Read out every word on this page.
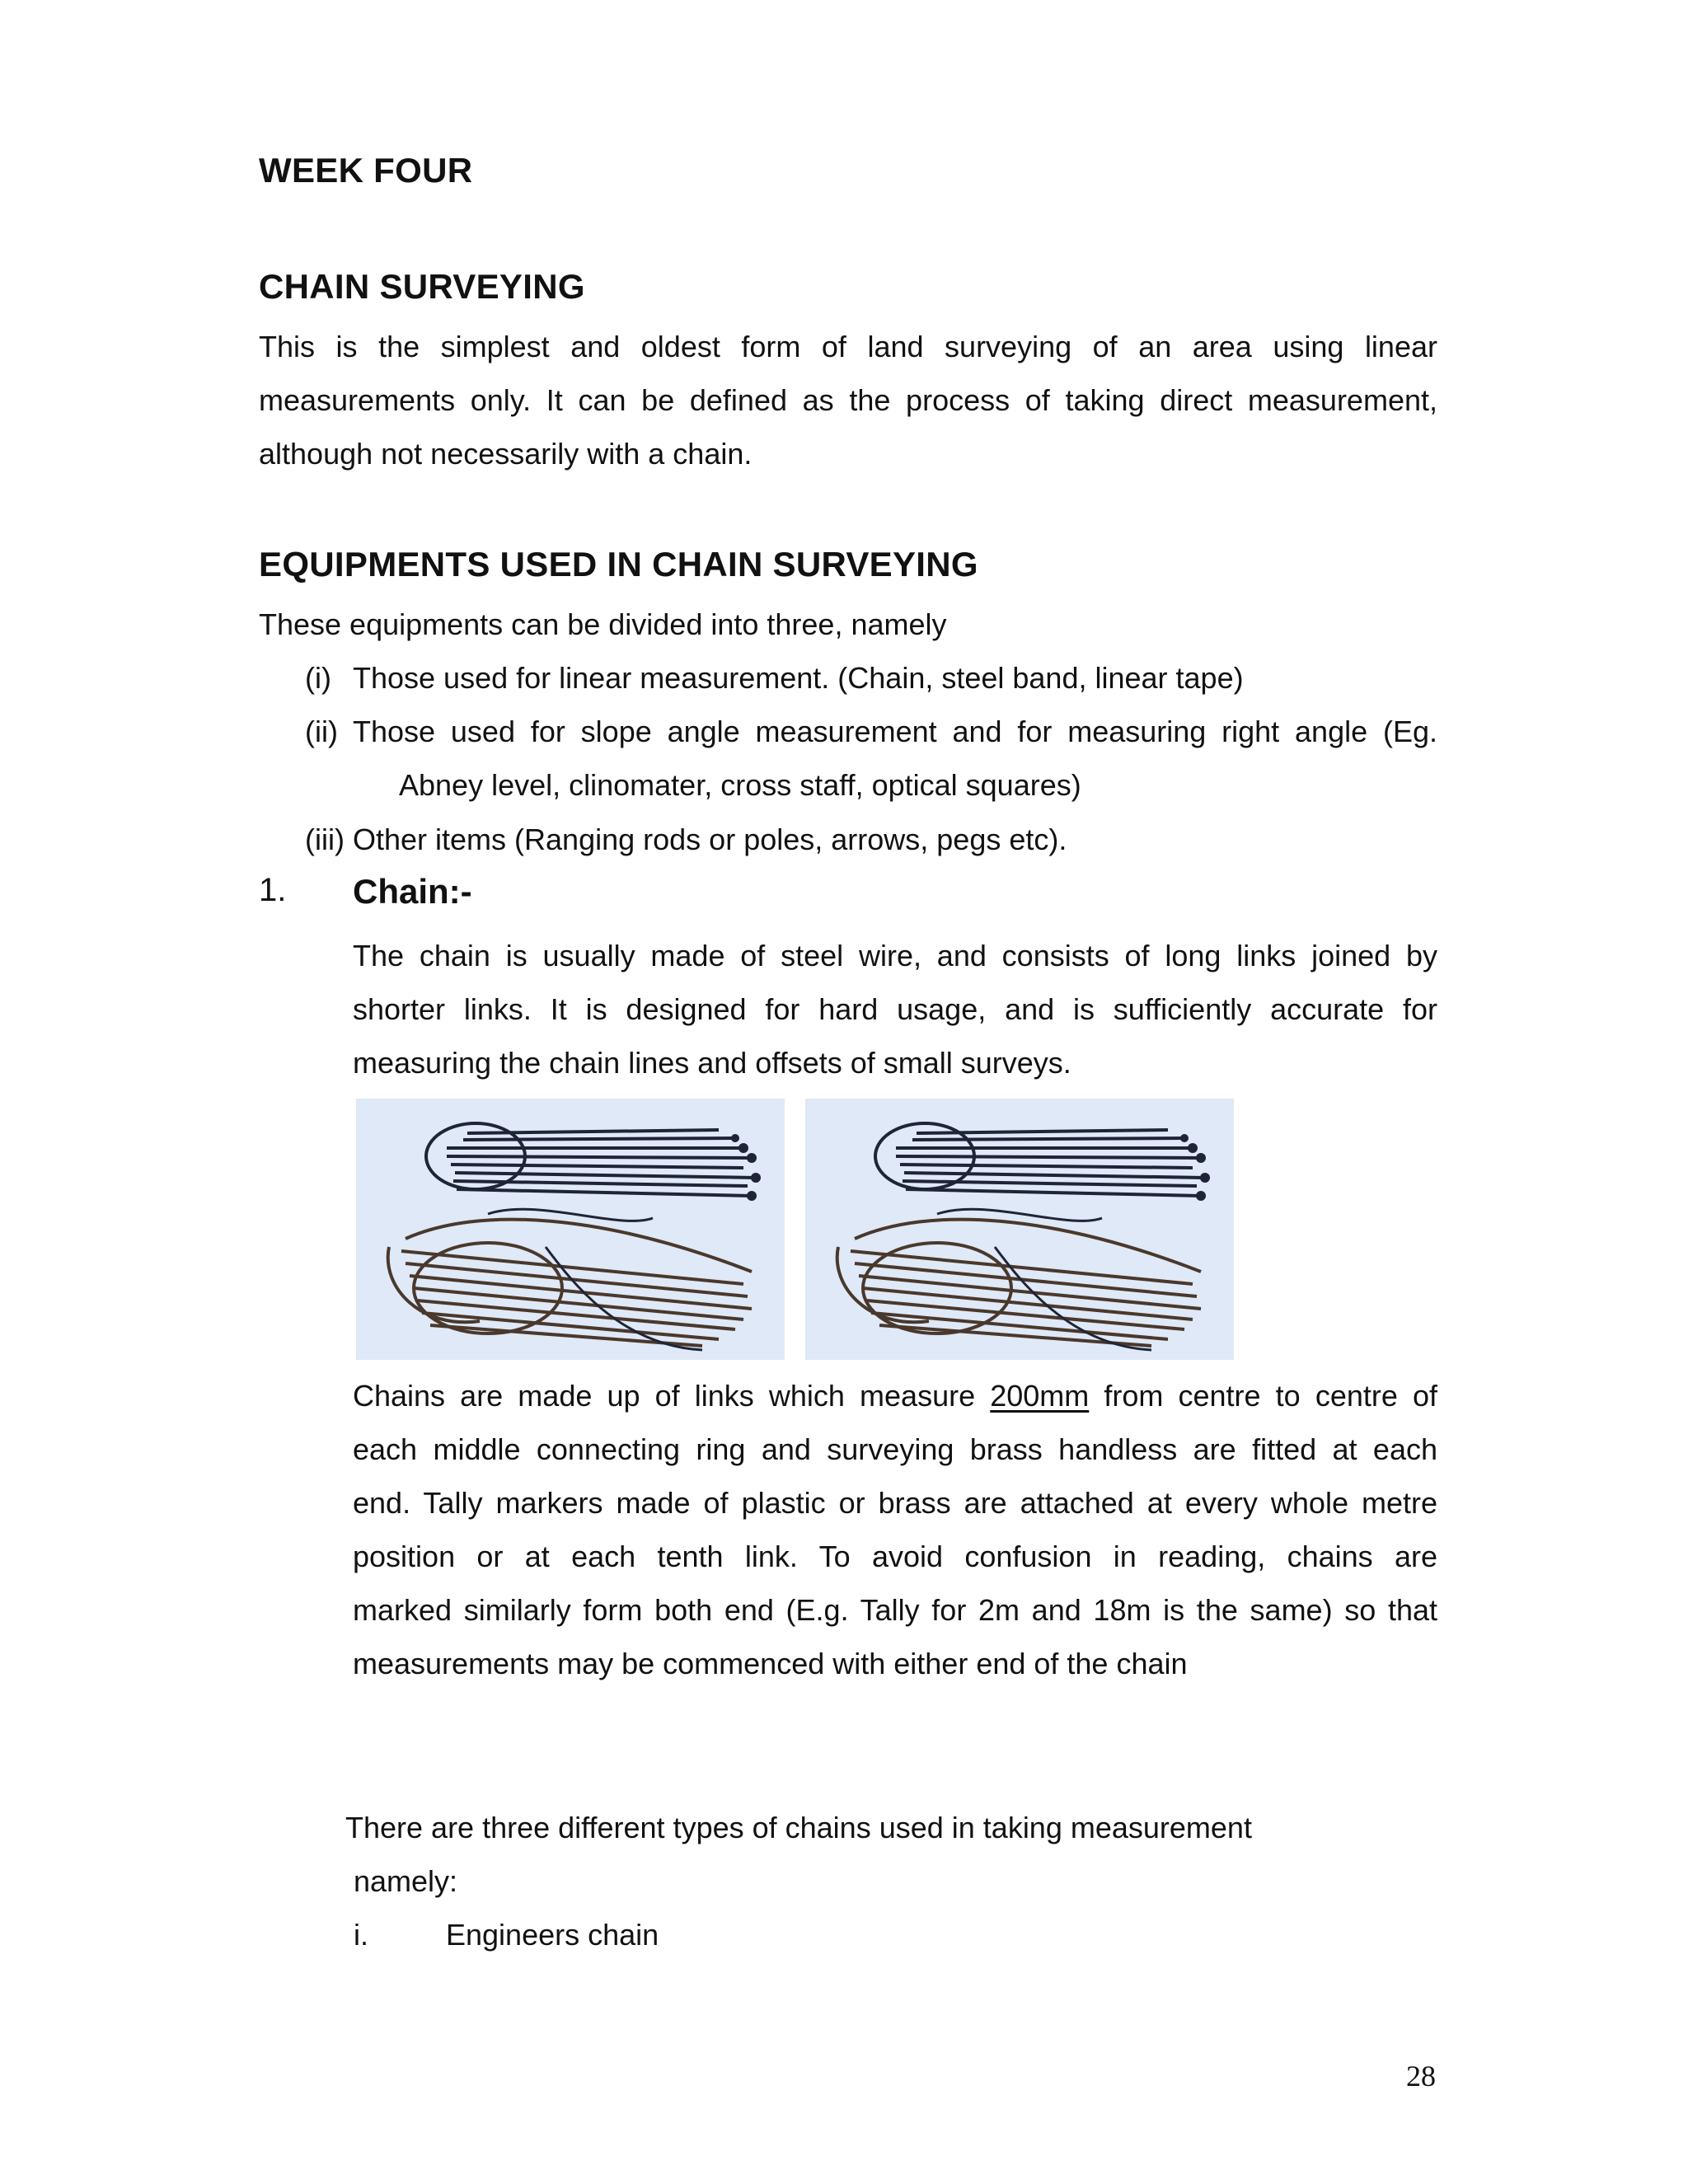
WEEK FOUR
CHAIN SURVEYING
This is the simplest and oldest form of land surveying of an area using linear
measurements only. It can be defined as the process of taking direct measurement,
although not necessarily with a chain.
EQUIPMENTS USED IN CHAIN SURVEYING
These equipments can be divided into three, namely
(i) Those used for linear measurement. (Chain, steel band, linear tape)
(ii) Those used for slope angle measurement and for measuring right angle (Eg.
Abney level, clinomater, cross staff, optical squares)
(iii) Other items (Ranging rods or poles, arrows, pegs etc).
1. Chain:-
The chain is usually made of steel wire, and consists of long links joined by
shorter links. It is designed for hard usage, and is sufficiently accurate for
measuring the chain lines and offsets of small surveys.
Chains are made up of links which measure 200mm from centre to centre of
each middle connecting ring and surveying brass handless are fitted at each
end. Tally markers made of plastic or brass are attached at every whole metre
position or at each tenth link. To avoid confusion in reading, chains are
marked similarly form both end (E.g. Tally for 2m and 18m is the same) so that
measurements may be commenced with either end of the chain
There are three different types of chains used in taking measurement
namely:
i.	Engineers chain
28
